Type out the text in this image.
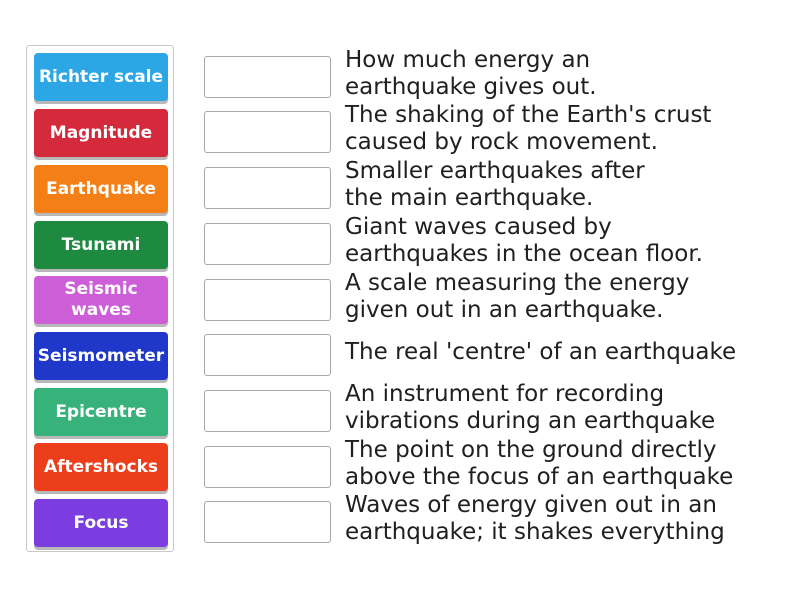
Richter scale
Magnitude
Earthquake
Tsunami
Seismic
waves
Seismometer
Epicentre
Aftershocks
Focus
How much energy an
earthquake gives out.
The shaking of the Earth's crust
caused by rock movement.
Smaller earthquakes after
the main earthquake.
Giant waves caused by
earthquakes in the ocean floor.
A scale measuring the energy
given out in an earthquake.
The real 'centre' of an earthquake
An instrument for recording
vibrations during an earthquake
The point on the ground directly
above the focus of an earthquake
Waves of energy given out in an
earthquake; it shakes everything
